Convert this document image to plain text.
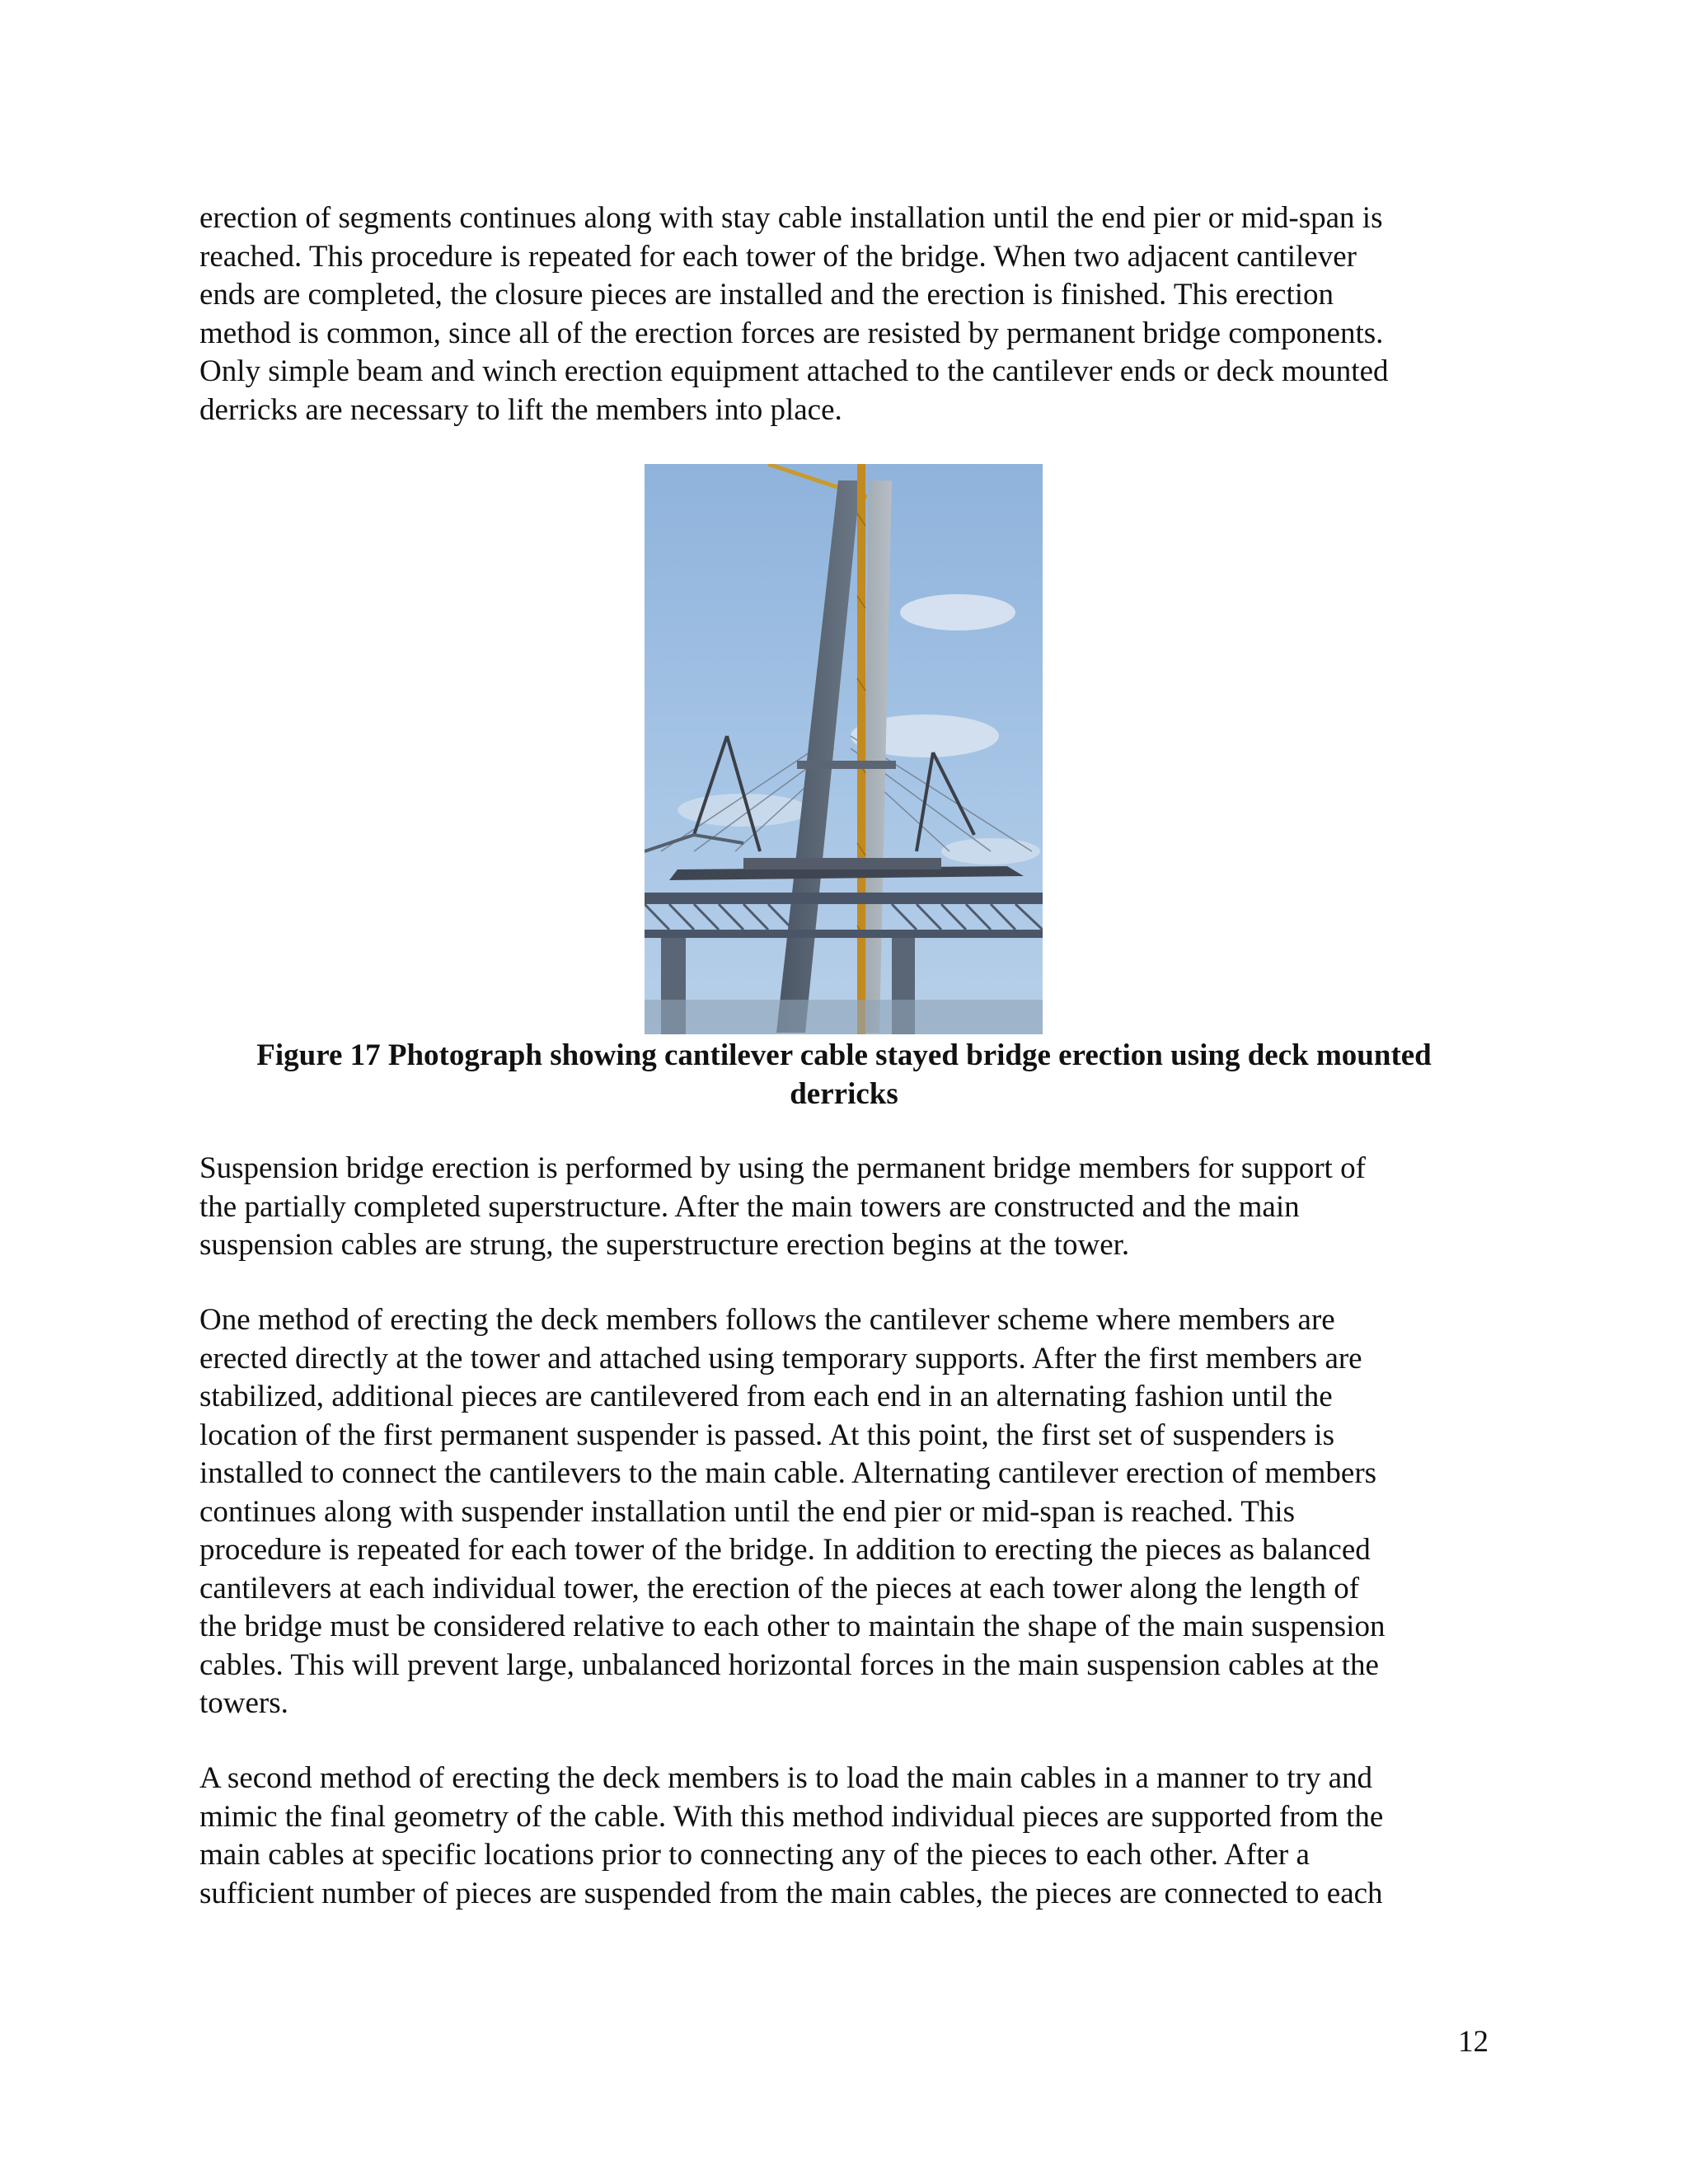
erection of segments continues along with stay cable installation until the end pier or mid-span is
reached. This procedure is repeated for each tower of the bridge. When two adjacent cantilever
ends are completed, the closure pieces are installed and the erection is finished. This erection
method is common, since all of the erection forces are resisted by permanent bridge components.
Only simple beam and winch erection equipment attached to the cantilever ends or deck mounted
derricks are necessary to lift the members into place.

Figure 17 Photograph showing cantilever cable stayed bridge erection using deck mounted
derricks

Suspension bridge erection is performed by using the permanent bridge members for support of
the partially completed superstructure. After the main towers are constructed and the main
suspension cables are strung, the superstructure erection begins at the tower.

One method of erecting the deck members follows the cantilever scheme where members are
erected directly at the tower and attached using temporary supports. After the first members are
stabilized, additional pieces are cantilevered from each end in an alternating fashion until the
location of the first permanent suspender is passed. At this point, the first set of suspenders is
installed to connect the cantilevers to the main cable. Alternating cantilever erection of members
continues along with suspender installation until the end pier or mid-span is reached. This
procedure is repeated for each tower of the bridge. In addition to erecting the pieces as balanced
cantilevers at each individual tower, the erection of the pieces at each tower along the length of
the bridge must be considered relative to each other to maintain the shape of the main suspension
cables. This will prevent large, unbalanced horizontal forces in the main suspension cables at the
towers.

A second method of erecting the deck members is to load the main cables in a manner to try and
mimic the final geometry of the cable. With this method individual pieces are supported from the
main cables at specific locations prior to connecting any of the pieces to each other. After a
sufficient number of pieces are suspended from the main cables, the pieces are connected to each

12
